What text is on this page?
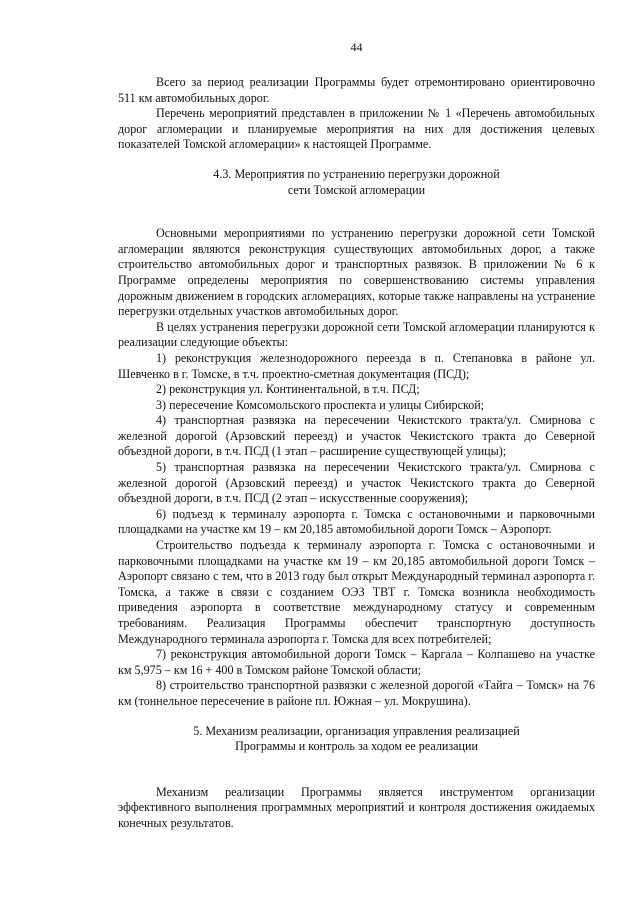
44

Всего за период реализации Программы будет отремонтировано ориентировочно 511 км автомобильных дорог.

Перечень мероприятий представлен в приложении № 1 «Перечень автомобильных дорог агломерации и планируемые мероприятия на них для достижения целевых показателей Томской агломерации» к настоящей Программе.

4.3. Мероприятия по устранению перегрузки дорожной
сети Томской агломерации

Основными мероприятиями по устранению перегрузки дорожной сети Томской агломерации являются реконструкция существующих автомобильных дорог, а также строительство автомобильных дорог и транспортных развязок. В приложении № 6 к Программе определены мероприятия по совершенствованию системы управления дорожным движением в городских агломерациях, которые также направлены на устранение перегрузки отдельных участков автомобильных дорог.

В целях устранения перегрузки дорожной сети Томской агломерации планируются к реализации следующие объекты:

1) реконструкция железнодорожного переезда в п. Степановка в районе ул. Шевченко в г. Томске, в т.ч. проектно-сметная документация (ПСД);

2) реконструкция ул. Континентальной, в т.ч. ПСД;

3) пересечение Комсомольского проспекта и улицы Сибирской;

4) транспортная развязка на пересечении Чекистского тракта/ул. Смирнова с железной дорогой (Арзовский переезд) и участок Чекистского тракта до Северной объездной дороги, в т.ч. ПСД (1 этап – расширение существующей улицы);

5) транспортная развязка на пересечении Чекистского тракта/ул. Смирнова с железной дорогой (Арзовский переезд) и участок Чекистского тракта до Северной объездной дороги, в т.ч. ПСД (2 этап – искусственные сооружения);

6) подъезд к терминалу аэропорта г. Томска с остановочными и парковочными площадками на участке км 19 – км 20,185 автомобильной дороги Томск – Аэропорт.

Строительство подъезда к терминалу аэропорта г. Томска с остановочными и парковочными площадками на участке км 19 – км 20,185 автомобильной дороги Томск – Аэропорт связано с тем, что в 2013 году был открыт Международный терминал аэропорта г. Томска, а также в связи с созданием ОЭЗ ТВТ г. Томска возникла необходимость приведения аэропорта в соответствие международному статусу и современным требованиям. Реализация Программы обеспечит транспортную доступность Международного терминала аэропорта г. Томска для всех потребителей;

7) реконструкция автомобильной дороги Томск – Каргала – Колпашево на участке км 5,975 – км 16 + 400 в Томском районе Томской области;

8) строительство транспортной развязки с железной дорогой «Тайга – Томск» на 76 км (тоннельное пересечение в районе пл. Южная – ул. Мокрушина).

5. Механизм реализации, организация управления реализацией
Программы и контроль за ходом ее реализации

Механизм реализации Программы является инструментом организации эффективного выполнения программных мероприятий и контроля достижения ожидаемых конечных результатов.
